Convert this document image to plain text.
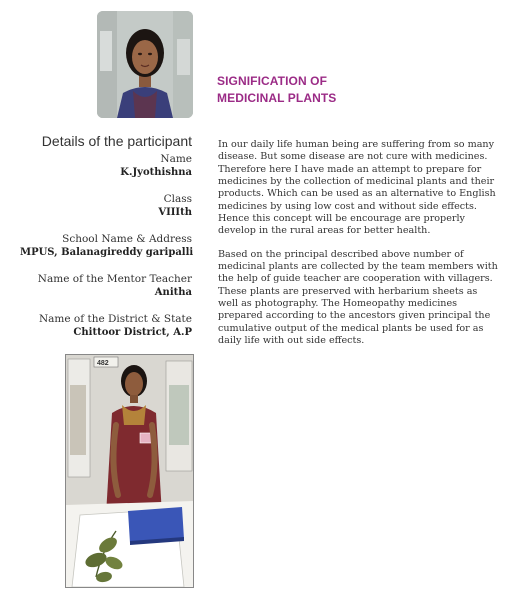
SIGNIFICATION OF
MEDICINAL PLANTS
Details of the participant
Name
K.Jyothishna
Class
VIIIth
School Name & Address
MPUS, Balanagireddy garipalli
Name of the Mentor Teacher
Anitha
Name of the District & State
Chittoor District, A.P

In our daily life human being are suffering from so many disease. But some disease are not cure with medicines. Therefore here I have made an attempt to prepare for medicines by the collection of medicinal plants and their products. Which can be used as an alternative to English medicines by using low cost and without side effects. Hence this concept will be encourage are properly develop in the rural areas for better health.

Based on the principal described above number of medicinal plants are collected by the team members with the help of guide teacher are cooperation with villagers. These plants are preserved with herbarium sheets as well as photography. The Homeopathy medicines prepared according to the ancestors given principal the cumulative output of the medical plants be used for as daily life with out side effects.

482
